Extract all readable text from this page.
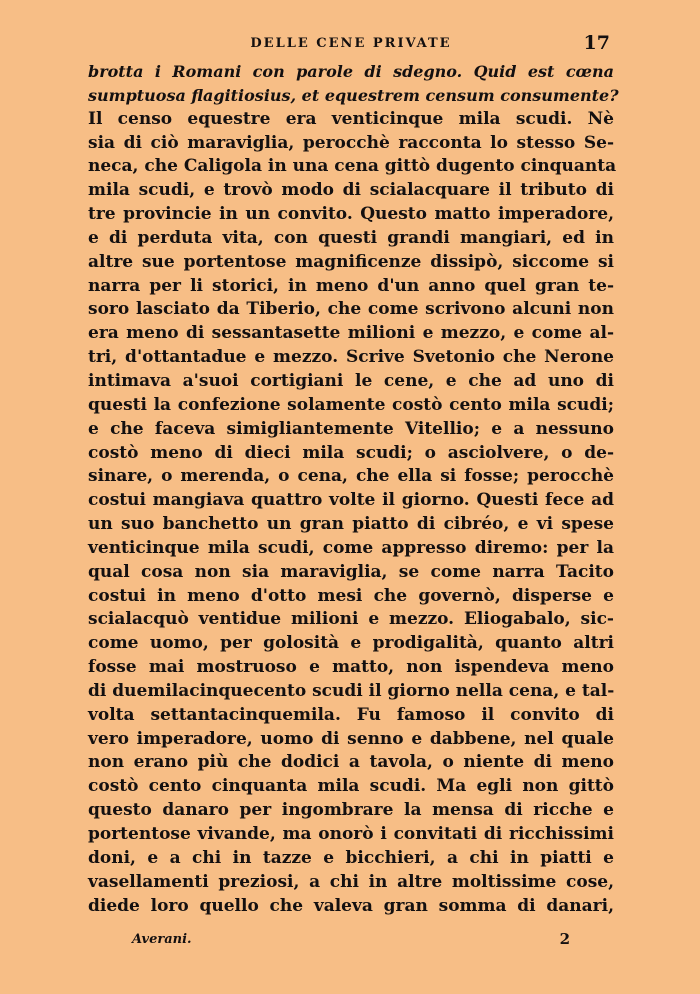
DELLE CENE PRIVATE	17
brotta i Romani con parole di sdegno. Quid est cœna
sumptuosa flagitiosius, et equestrem censum consumente?
Il censo equestre era venticinque mila scudi. Nè
sia di ciò maraviglia, perocchè racconta lo stesso Se-
neca, che Caligola in una cena gittò dugento cinquanta
mila scudi, e trovò modo di scialacquare il tributo di
tre provincie in un convito. Questo matto imperadore,
e di perduta vita, con questi grandi mangiari, ed in
altre sue portentose magnificenze dissipò, siccome si
narra per li storici, in meno d'un anno quel gran te-
soro lasciato da Tiberio, che come scrivono alcuni non
era meno di sessantasette milioni e mezzo, e come al-
tri, d'ottantadue e mezzo. Scrive Svetonio che Nerone
intimava a'suoi cortigiani le cene, e che ad uno di
questi la confezione solamente costò cento mila scudi;
e che faceva simigliantemente Vitellio; e a nessuno
costò meno di dieci mila scudi; o asciolvere, o de-
sinare, o merenda, o cena, che ella si fosse; perocchè
costui mangiava quattro volte il giorno. Questi fece ad
un suo banchetto un gran piatto di cibréo, e vi spese
venticinque mila scudi, come appresso diremo: per la
qual cosa non sia maraviglia, se come narra Tacito
costui in meno d'otto mesi che governò, disperse e
scialacquò ventidue milioni e mezzo. Eliogabalo, sic-
come uomo, per golosità e prodigalità, quanto altri
fosse mai mostruoso e matto, non ispendeva meno
di duemilacinquecento scudi il giorno nella cena, e tal-
volta settantacinquemila. Fu famoso il convito di
vero imperadore, uomo di senno e dabbene, nel quale
non erano più che dodici a tavola, o niente di meno
costò cento cinquanta mila scudi. Ma egli non gittò
questo danaro per ingombrare la mensa di ricche e
portentose vivande, ma onorò i convitati di ricchissimi
doni, e a chi in tazze e bicchieri, a chi in piatti e
vasellamenti preziosi, a chi in altre moltissime cose,
diede loro quello che valeva gran somma di danari,
Averani.	2
